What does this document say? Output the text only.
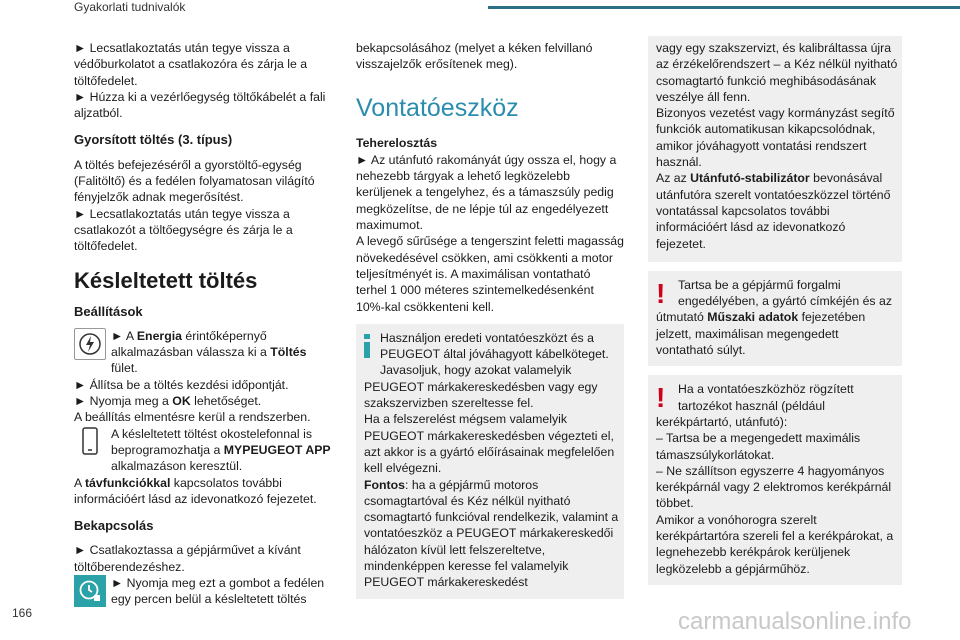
Gyakorlati tudnivalók

► Lecsatlakoztatás után tegye vissza a védőburkolatot a csatlakozóra és zárja le a töltőfedelet.

► Húzza ki a vezérlőegység töltőkábelét a fali aljzatból.

Gyorsított töltés (3. típus)

A töltés befejezéséről a gyorstöltő-egység (Falitöltő) és a fedélen folyamatosan világító fényjelzők adnak megerősítést.

► Lecsatlakoztatás után tegye vissza a csatlakozót a töltőegységre és zárja le a töltőfedelet.

Késleltetett töltés
Beállítások

► A Energia érintőképernyő alkalmazásban válassza ki a Töltés fület.

► Állítsa be a töltés kezdési időpontját.

► Nyomja meg a OK lehetőséget.

A beállítás elmentésre kerül a rendszerben.

A késleltetett töltést okostelefonnal is beprogramozhatja a MYPEUGEOT APP alkalmazáson keresztül.

A távfunkciókkal kapcsolatos további információért lásd az idevonatkozó fejezetet.

Bekapcsolás

► Csatlakoztassa a gépjárművet a kívánt töltőberendezéshez.

► Nyomja meg ezt a gombot a fedélen egy percen belül a késleltetett töltés

bekapcsolásához (melyet a kéken felvillanó visszajelzők erősítenek meg).

Vontatóeszköz
Teherelosztás

► Az utánfutó rakományát úgy ossza el, hogy a nehezebb tárgyak a lehető legközelebb kerüljenek a tengelyhez, és a támaszsúly pedig megközelítse, de ne lépje túl az engedélyezett maximumot.

A levegő sűrűsége a tengerszint feletti magasság növekedésével csökken, ami csökkenti a motor teljesítményét is. A maximálisan vontatható terhel 1 000 méteres szintemelkedésenként 10%-kal csökkenteni kell.

Használjon eredeti vontatóeszközt és a PEUGEOT által jóváhagyott kábelköteget. Javasoljuk, hogy azokat valamelyik PEUGEOT márkakereskedésben vagy egy szakszervizben szereltesse fel.

Ha a felszerelést mégsem valamelyik PEUGEOT márkakereskedésben végezteti el, azt akkor is a gyártó előírásainak megfelelően kell elvégezni.

Fontos: ha a gépjármű motoros csomagtartóval és Kéz nélkül nyitható csomagtartó funkcióval rendelkezik, valamint a vontatóeszköz a PEUGEOT márkakereskedői hálózaton kívül lett felszereltetve, mindenképpen keresse fel valamelyik PEUGEOT márkakereskedést

vagy egy szakszervizt, és kalibráltassa újra az érzékelőrendszert – a Kéz nélkül nyitható csomagtartó funkció meghibásodásának veszélye áll fenn.

Bizonyos vezetést vagy kormányzást segítő funkciók automatikusan kikapcsolódnak, amikor jóváhagyott vontatási rendszert használ.

Az az Utánfutó-stabilizátor bevonásával utánfutóra szerelt vontatóeszközzel történő vontatással kapcsolatos további információért lásd az idevonatkozó fejezetet.

!	Tartsa be a gépjármű forgalmi engedélyében, a gyártó címkéjén és az útmutató Műszaki adatok fejezetében jelzett, maximálisan megengedett vontatható súlyt.

!	Ha a vontatóeszközhöz rögzített tartozékot használ (például kerékpártartó, utánfutó):

– Tartsa be a megengedett maximális támaszsúlykorlátokat.

– Ne szállítson egyszerre 4 hagyományos kerékpárnál vagy 2 elektromos kerékpárnál többet.

Amikor a vonóhorogra szerelt kerékpártartóra szereli fel a kerékpárokat, a legnehezebb kerékpárok kerüljenek legközelebb a gépjárműhöz.

166	carmanualsonline.info
